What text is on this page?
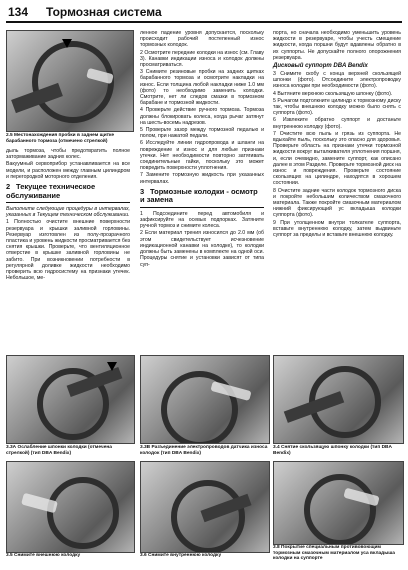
134 Тормозная система
2.5 Местонахождения пробки в заднем щитке барабанного тормоза (отмечено стрелкой)

дыль тормоза, чтобы предотвратить полное затормаживание задних колес.

Вакуумный сервоприбор устанавливается на все модели, и расположен между главным цилиндром и перегородкой моторного отделения.

2 Текущее техническое обслуживание

Выполните следующие процедуры в интервалах, указанных в Текущем техническом обслуживании.

1 Полностью очистите внешние поверхности резервуара и крышки заливной горловины. Резервуар изготовлен из полу-прозрачного пластика и уровень жидкости просматривается без снятия крышки. Проверьте, что вентиляционное отверстие в крышке заливной горловины не забито. При возникновении потребности в регулярной доливке жидкости необходимо проверить всю гидросистему на признаки утечек. Небольшое, ме-

ленное падение уровня допускается, поскольку происходит рабочий постепенный износ тормозных колодок.

2 Осмотрите передние колодки на износ (см. Главу 3). Канавки индикации износа и колодок должны просматриваться.

3 Снимите резиновые пробки на задних щитках барабанного тормоза и осмотрите накладки на износ. Если толщина любой накладки ниже 1.0 мм (фото) то необходимо заменить колодки. Смотрите, нет ли следов смазки в тормозном барабане и тормозной жидкости.

4 Проверьте действие ручного тормоза. Тормоза должны блокировать колеса, когда рычаг затянут на шесть-восемь надрезов.

5 Проверьте зазор между тормозной педалью и полом, при нажатой педали.

6 Исследуйте линии гидропровода и шланги на повреждение и износ и для любые признаки утечки. Нет необходимости повторно затягивать соединительные гайки, поскольку это может повредить поверхности уплотнения.

7 Замените тормозную жидкость при указанных интервалах.

3 Тормозные колодки - осмотр и замена

1 Подсоедините перед автомобиля и зафиксируйте на осевых подпорках. Затяните ручной тормоз и снимите колеса.

2 Если материал трения износился до 2.0 мм (об этом свидетельствует исчезновение индикационной канавки на колодке), то колодки должны быть заменены в комплекте на одной оси. Процедуры снятие и установки зависят от типа суп-

портa, но сначала необходимо уменьшить уровень жидкости в резервуаре, чтобы учесть смещение жидкости, когда поршни будут вдавлены обратно в их суппорты. Не допускайте полного опорожнения резервуара.

Дисковый суппорт DBA Bendix

3 Снимите скобу с конца верхней скользящей шпонки (фото). Отсоедините электропроводку износа колодки при необходимости (фото).

4 Вытяните верхнюю скользящую шпонку (фото).

5 Рычагом подтолкните цилиндр к тормозному диску так, чтобы внешнюю колодку можно было снять с суппорта (фото).

6 Извлеките обратно суппорт и достаньте внутреннюю колодку (фото).

7 Очистите всю пыль и грязь из суппорта. Не вдыхайте пыль, поскольку это опасно для здоровья. Проверьте область на признаки утечки тормозной жидкости вокруг выталкивателя уплотнения поршня, и, если очевидно, замените суппорт, как описано далее в этом Разделе. Проверьте тормозной диск на износ и повреждения. Проверьте состояние скользящих на цилиндре, находятся в хорошем состоянии.

8 Очистите задние части колодок тормозного диска и покройте небольшим количеством смазочного материала. Также покройте смазочным материалом нижний фиксирующий ус вкладыша колодки суппорта (фото).

9 При утолщенном внутри толкателе суппорта, вставьте внутреннюю колодку, затем выдвиньте суппорт за пределы и вставьте внешнюю колодку.

3.3А Ослабление шпонки колодки (отмечена стрелкой) (тип DBA Bendix)
3.3В Разъединение электропроводов датчика износа колодок (тип DBA Bendix)
3.4 Снятие скользящую шпонку колодки (тип DBA Bendix)
3.5 Снимите внешнюю колодку	3.6 Снимите внутреннюю колодку
3.8 Покрытие специальным противовоющим тормозным смазочным материалом уса вкладыша колодки на суппорте
